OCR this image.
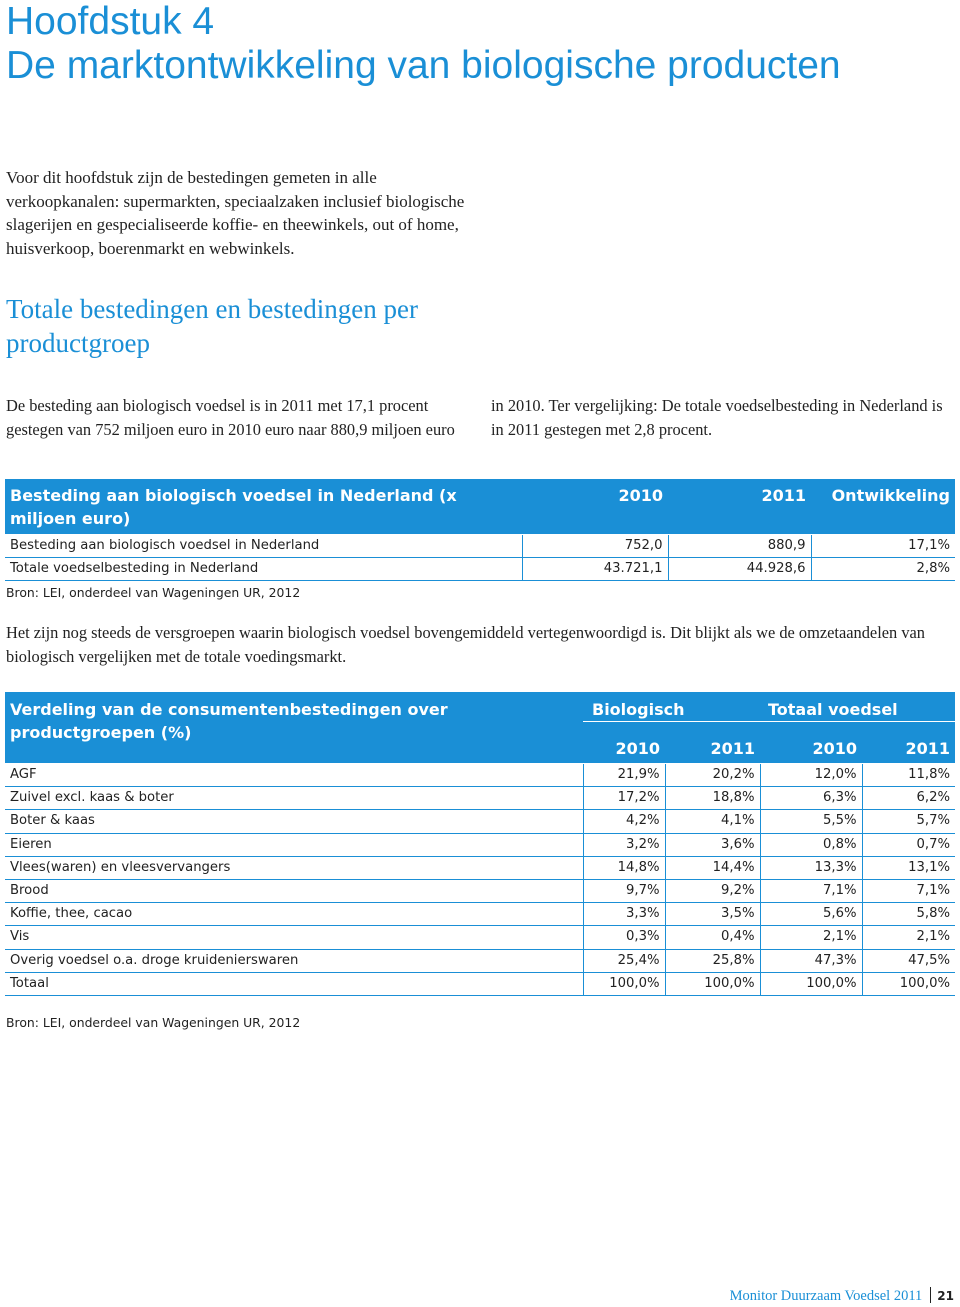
Hoofdstuk 4
De marktontwikkeling van biologische producten
Voor dit hoofdstuk zijn de bestedingen gemeten in alle verkoopkanalen: supermarkten, speciaalzaken inclusief biologische slagerijen en gespecialiseerde koffie- en theewinkels, out of home, huisverkoop, boerenmarkt en webwinkels.
Totale bestedingen en bestedingen per productgroep
De besteding aan biologisch voedsel is in 2011 met 17,1 procent gestegen van 752 miljoen euro in 2010 euro naar 880,9 miljoen euro
in 2010. Ter vergelijking: De totale voedselbesteding in Nederland is in 2011 gestegen met 2,8 procent.
Besteding aan biologisch voedsel in Nederland (x miljoen euro)	2010	2011	Ontwikkeling
Besteding aan biologisch voedsel in Nederland	752,0	880,9	17,1%
Totale voedselbesteding in Nederland	43.721,1	44.928,6	2,8%
Bron: LEI, onderdeel van Wageningen UR, 2012
Het zijn nog steeds de versgroepen waarin biologisch voedsel bovengemiddeld vertegenwoordigd is. Dit blijkt als we de omzetaandelen van biologisch vergelijken met de totale voedingsmarkt.
Verdeling van de consumentenbestedingen over productgroepen (%)	Biologisch		Totaal voedsel	
	2010	2011	2010	2011
AGF	21,9%	20,2%	12,0%	11,8%
Zuivel excl. kaas & boter	17,2%	18,8%	6,3%	6,2%
Boter & kaas	4,2%	4,1%	5,5%	5,7%
Eieren	3,2%	3,6%	0,8%	0,7%
Vlees(waren) en vleesvervangers	14,8%	14,4%	13,3%	13,1%
Brood	9,7%	9,2%	7,1%	7,1%
Koffie, thee, cacao	3,3%	3,5%	5,6%	5,8%
Vis	0,3%	0,4%	2,1%	2,1%
Overig voedsel o.a. droge kruidenierswaren	25,4%	25,8%	47,3%	47,5%
Totaal	100,0%	100,0%	100,0%	100,0%
Bron: LEI, onderdeel van Wageningen UR, 2012
Monitor Duurzaam Voedsel 2011 21
